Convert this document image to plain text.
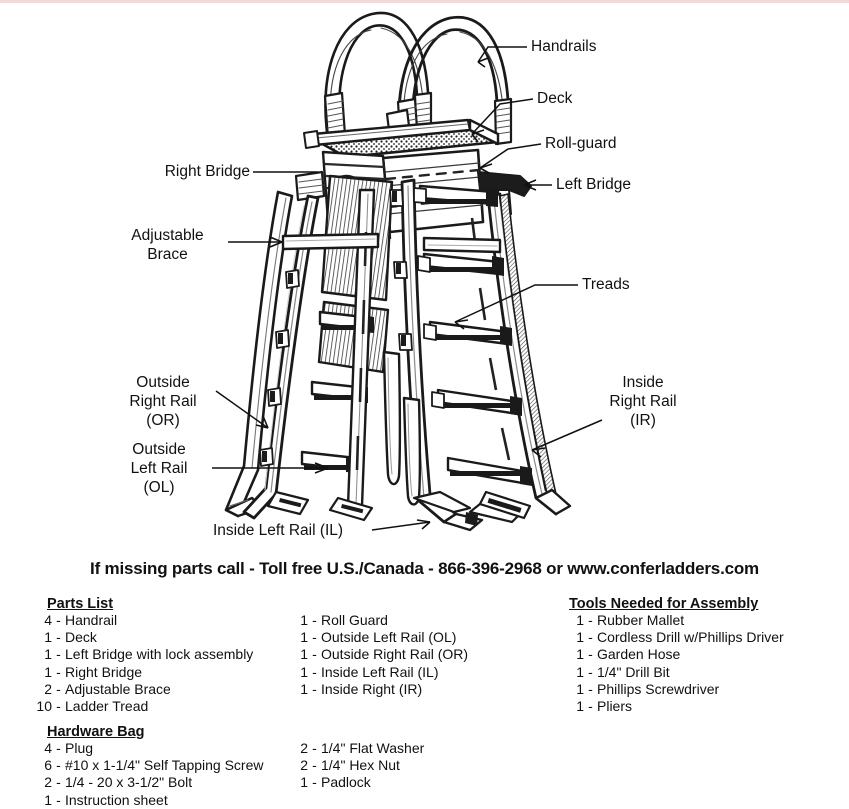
Handrails
Deck
Roll-guard
Left Bridge
Right Bridge
Adjustable
Brace
Treads
Outside
Right Rail
(OR)
Outside
Left Rail
(OL)
Inside
Right Rail
(IR)
Inside Left Rail (IL)
If missing parts call - Toll free U.S./Canada - 866-396-2968 or www.conferladders.com
Parts List
4 - Handrail
1 - Deck
1 - Left Bridge with lock assembly
1 - Right Bridge
2 - Adjustable Brace
10 - Ladder Tread
1 - Roll Guard
1 - Outside Left Rail (OL)
1 - Outside Right Rail (OR)
1 - Inside Left Rail (IL)
1 - Inside Right (IR)
Tools Needed for Assembly
1 - Rubber Mallet
1 - Cordless Drill w/Phillips Driver
1 - Garden Hose
1 - 1/4" Drill Bit
1 - Phillips Screwdriver
1 - Pliers
Hardware Bag
4 - Plug
6 - #10 x 1-1/4" Self Tapping Screw
2 - 1/4 - 20 x 3-1/2" Bolt
1 - Instruction sheet
2 - 1/4" Flat Washer
2 - 1/4" Hex Nut
1 - Padlock
